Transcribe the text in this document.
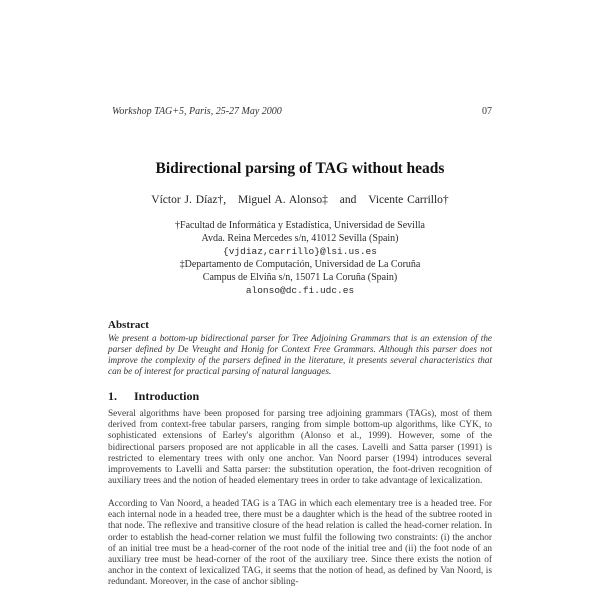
Workshop TAG+5, Paris, 25-27 May 2000	07
Bidirectional parsing of TAG without heads
Víctor J. Díaz†, Miguel A. Alonso‡ and Vicente Carrillo†
†Facultad de Informática y Estadística, Universidad de Sevilla
Avda. Reina Mercedes s/n, 41012 Sevilla (Spain)
{vjdiaz,carrillo}@lsi.us.es
‡Departamento de Computación, Universidad de La Coruña
Campus de Elviña s/n, 15071 La Coruña (Spain)
alonso@dc.fi.udc.es
Abstract
We present a bottom-up bidirectional parser for Tree Adjoining Grammars that is an extension of the parser defined by De Vreught and Honig for Context Free Grammars. Although this parser does not improve the complexity of the parsers defined in the literature, it presents several characteristics that can be of interest for practical parsing of natural languages.
1. Introduction
Several algorithms have been proposed for parsing tree adjoining grammars (TAGs), most of them derived from context-free tabular parsers, ranging from simple bottom-up algorithms, like CYK, to sophisticated extensions of Earley's algorithm (Alonso et al., 1999). However, some of the bidirectional parsers proposed are not applicable in all the cases. Lavelli and Satta parser (1991) is restricted to elementary trees with only one anchor. Van Noord parser (1994) introduces several improvements to Lavelli and Satta parser: the substitution operation, the foot-driven recognition of auxiliary trees and the notion of headed elementary trees in order to take advantage of lexicalization.
According to Van Noord, a headed TAG is a TAG in which each elementary tree is a headed tree. For each internal node in a headed tree, there must be a daughter which is the head of the subtree rooted in that node. The reflexive and transitive closure of the head relation is called the head-corner relation. In order to establish the head-corner relation we must fulfil the following two constraints: (i) the anchor of an initial tree must be a head-corner of the root node of the initial tree and (ii) the foot node of an auxiliary tree must be head-corner of the root of the auxiliary tree. Since there exists the notion of anchor in the context of lexicalized TAG, it seems that the notion of head, as defined by Van Noord, is redundant. Moreover, in the case of anchor sibling-
